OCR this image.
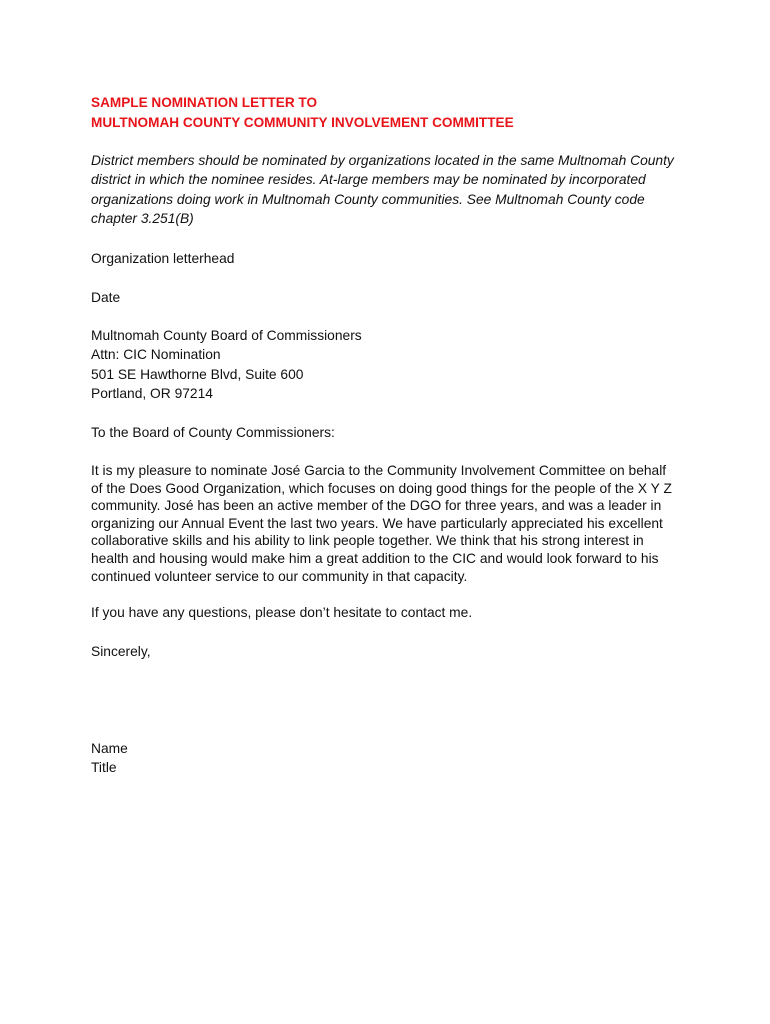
SAMPLE NOMINATION LETTER TO
MULTNOMAH COUNTY COMMUNITY INVOLVEMENT COMMITTEE
District members should be nominated by organizations located in the same Multnomah County
district in which the nominee resides. At-large members may be nominated by incorporated
organizations doing work in Multnomah County communities. See Multnomah County code
chapter 3.251(B)
Organization letterhead
Date
Multnomah County Board of Commissioners
Attn: CIC Nomination
501 SE Hawthorne Blvd, Suite 600
Portland, OR 97214
To the Board of County Commissioners:
It is my pleasure to nominate José Garcia to the Community Involvement Committee on behalf
of the Does Good Organization, which focuses on doing good things for the people of the X Y Z
community. José has been an active member of the DGO for three years, and was a leader in
organizing our Annual Event the last two years. We have particularly appreciated his excellent
collaborative skills and his ability to link people together. We think that his strong interest in
health and housing would make him a great addition to the CIC and would look forward to his
continued volunteer service to our community in that capacity.
If you have any questions, please don’t hesitate to contact me.
Sincerely,
Name
Title
